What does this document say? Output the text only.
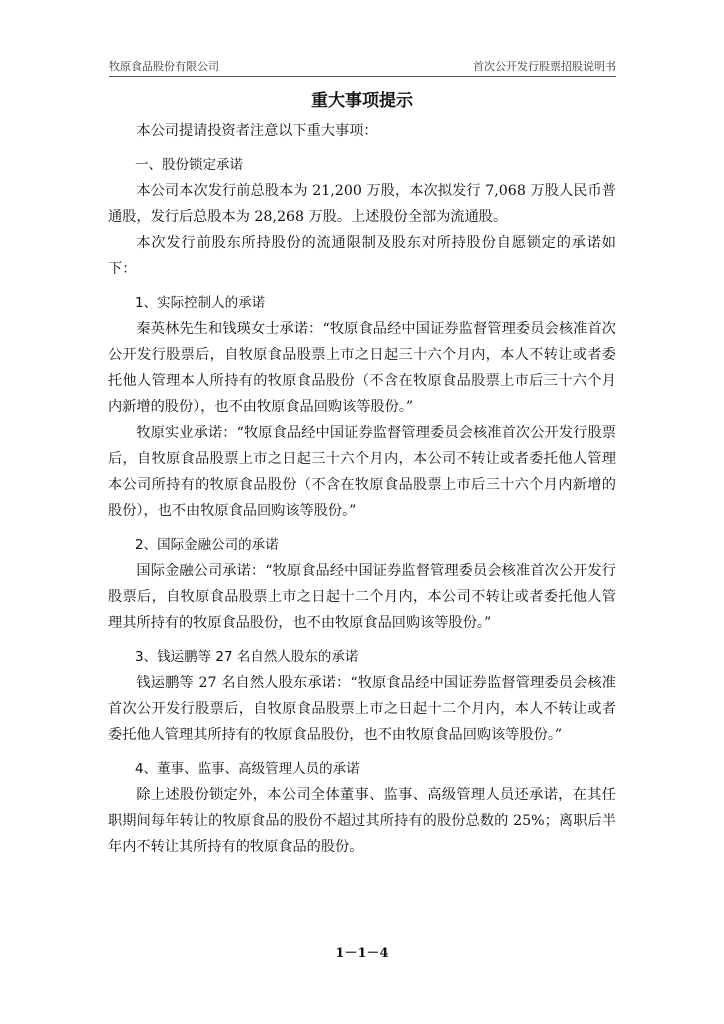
牧原食品股份有限公司	首次公开发行股票招股说明书
重大事项提示

本公司提请投资者注意以下重大事项：

一、股份锁定承诺

本公司本次发行前总股本为 21,200 万股，本次拟发行 7,068 万股人民币普通股，发行后总股本为 28,268 万股。上述股份全部为流通股。

本次发行前股东所持股份的流通限制及股东对所持股份自愿锁定的承诺如下：

1、实际控制人的承诺

秦英林先生和钱瑛女士承诺：“牧原食品经中国证券监督管理委员会核准首次公开发行股票后，自牧原食品股票上市之日起三十六个月内，本人不转让或者委托他人管理本人所持有的牧原食品股份（不含在牧原食品股票上市后三十六个月内新增的股份），也不由牧原食品回购该等股份。”

牧原实业承诺：“牧原食品经中国证券监督管理委员会核准首次公开发行股票后，自牧原食品股票上市之日起三十六个月内，本公司不转让或者委托他人管理本公司所持有的牧原食品股份（不含在牧原食品股票上市后三十六个月内新增的股份），也不由牧原食品回购该等股份。”

2、国际金融公司的承诺

国际金融公司承诺：“牧原食品经中国证券监督管理委员会核准首次公开发行股票后，自牧原食品股票上市之日起十二个月内，本公司不转让或者委托他人管理其所持有的牧原食品股份，也不由牧原食品回购该等股份。”

3、钱运鹏等 27 名自然人股东的承诺

钱运鹏等 27 名自然人股东承诺：“牧原食品经中国证券监督管理委员会核准首次公开发行股票后，自牧原食品股票上市之日起十二个月内，本人不转让或者委托他人管理其所持有的牧原食品股份，也不由牧原食品回购该等股份。”

4、董事、监事、高级管理人员的承诺

除上述股份锁定外，本公司全体董事、监事、高级管理人员还承诺，在其任职期间每年转让的牧原食品的股份不超过其所持有的股份总数的 25%；离职后半年内不转让其所持有的牧原食品的股份。

1－1－4
